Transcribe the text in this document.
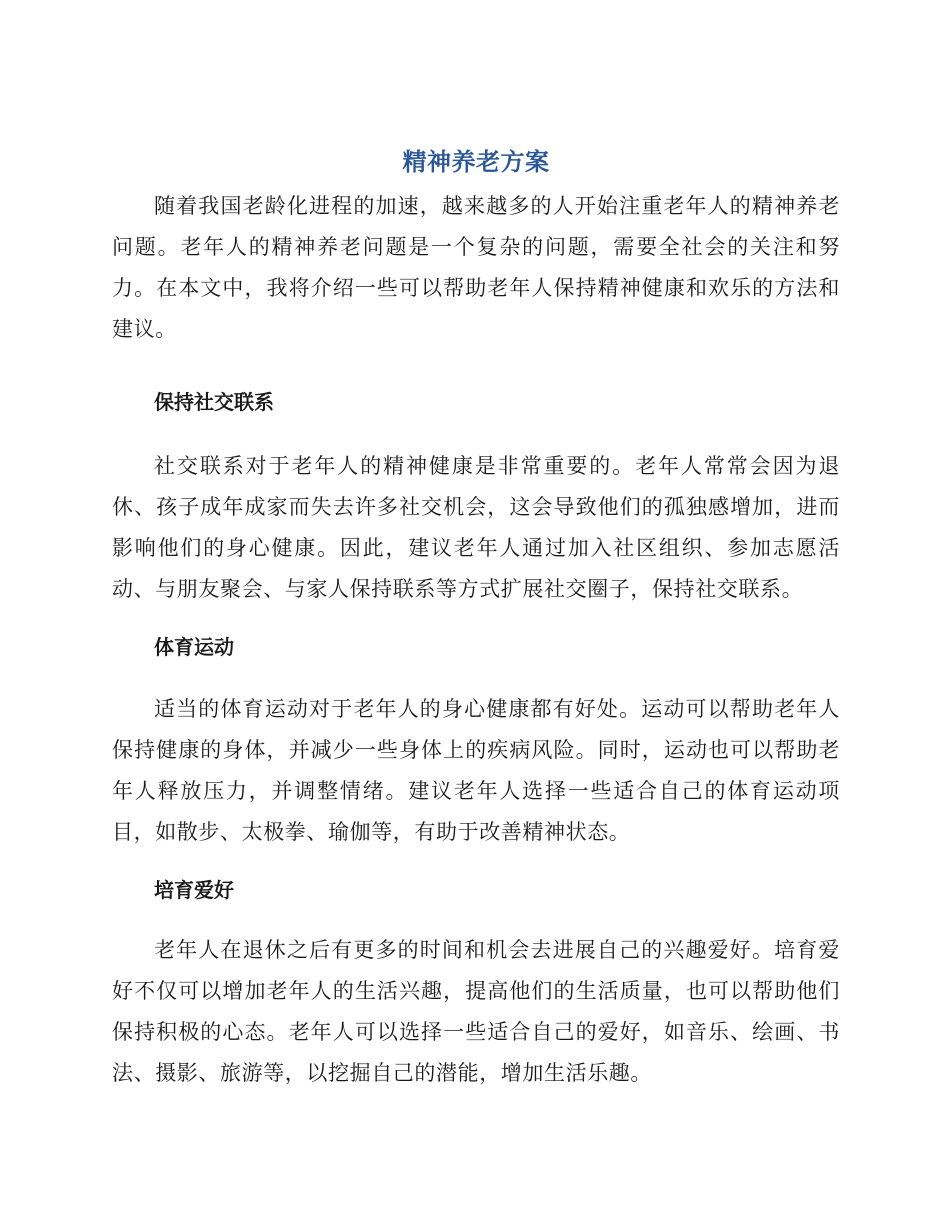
精神养老方案

随着我国老龄化进程的加速，越来越多的人开始注重老年人的精神养老问题。老年人的精神养老问题是一个复杂的问题，需要全社会的关注和努力。在本文中，我将介绍一些可以帮助老年人保持精神健康和欢乐的方法和建议。

保持社交联系

社交联系对于老年人的精神健康是非常重要的。老年人常常会因为退休、孩子成年成家而失去许多社交机会，这会导致他们的孤独感增加，进而影响他们的身心健康。因此，建议老年人通过加入社区组织、参加志愿活动、与朋友聚会、与家人保持联系等方式扩展社交圈子，保持社交联系。

体育运动

适当的体育运动对于老年人的身心健康都有好处。运动可以帮助老年人保持健康的身体，并减少一些身体上的疾病风险。同时，运动也可以帮助老年人释放压力，并调整情绪。建议老年人选择一些适合自己的体育运动项目，如散步、太极拳、瑜伽等，有助于改善精神状态。

培育爱好

老年人在退休之后有更多的时间和机会去进展自己的兴趣爱好。培育爱好不仅可以增加老年人的生活兴趣，提高他们的生活质量，也可以帮助他们保持积极的心态。老年人可以选择一些适合自己的爱好，如音乐、绘画、书法、摄影、旅游等，以挖掘自己的潜能，增加生活乐趣。
